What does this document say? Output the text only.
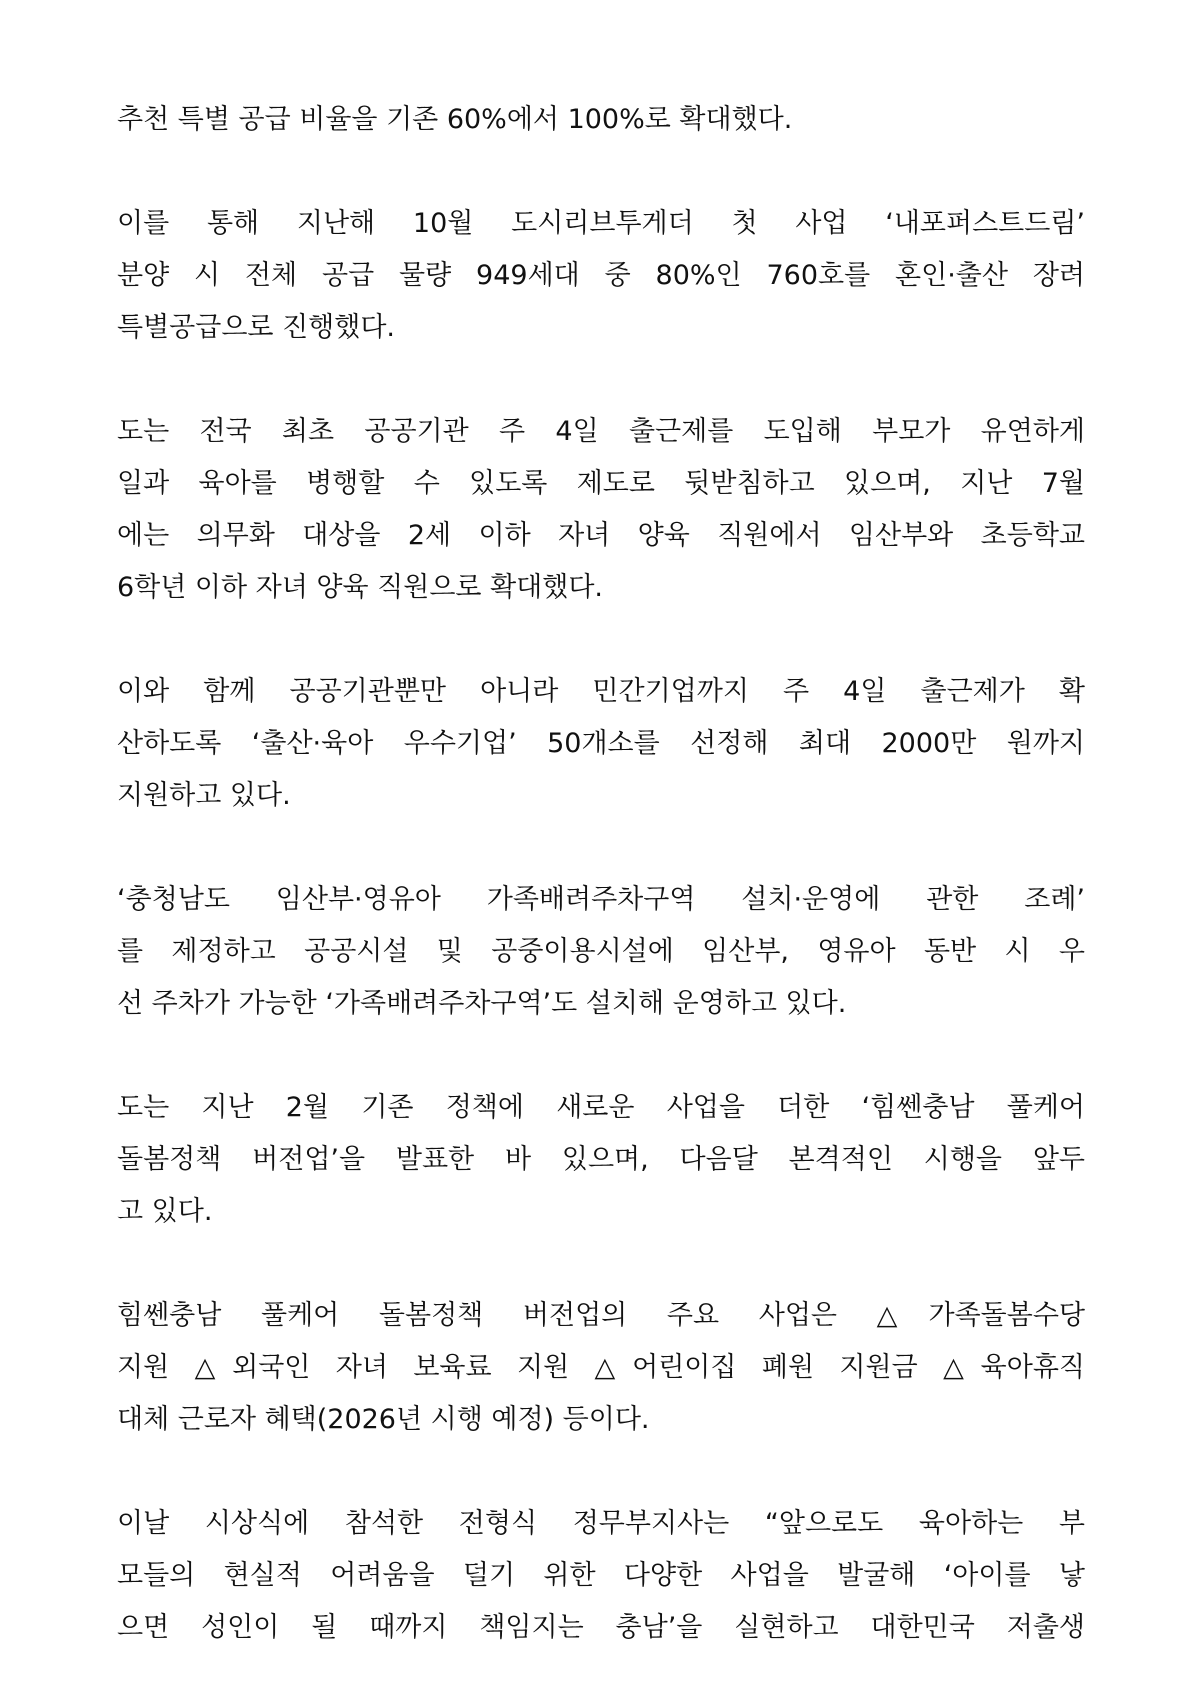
추천 특별 공급 비율을 기존 60%에서 100%로 확대했다.
이를 통해 지난해 10월 도시리브투게더 첫 사업 ‘내포퍼스트드림’
분양 시 전체 공급 물량 949세대 중 80%인 760호를 혼인·출산 장려
특별공급으로 진행했다.
도는 전국 최초 공공기관 주 4일 출근제를 도입해 부모가 유연하게
일과 육아를 병행할 수 있도록 제도로 뒷받침하고 있으며, 지난 7월
에는 의무화 대상을 2세 이하 자녀 양육 직원에서 임산부와 초등학교
6학년 이하 자녀 양육 직원으로 확대했다.
이와 함께 공공기관뿐만 아니라 민간기업까지 주 4일 출근제가 확
산하도록 ‘출산·육아 우수기업’ 50개소를 선정해 최대 2000만 원까지
지원하고 있다.
‘충청남도 임산부·영유아 가족배려주차구역 설치·운영에 관한 조례’
를 제정하고 공공시설 및 공중이용시설에 임산부, 영유아 동반 시 우
선 주차가 가능한 ‘가족배려주차구역’도 설치해 운영하고 있다.
도는 지난 2월 기존 정책에 새로운 사업을 더한 ‘힘쎈충남 풀케어
돌봄정책 버전업’을 발표한 바 있으며, 다음달 본격적인 시행을 앞두
고 있다.
힘쎈충남 풀케어 돌봄정책 버전업의 주요 사업은 △가족돌봄수당
지원 △외국인 자녀 보육료 지원 △어린이집 폐원 지원금 △육아휴직
대체 근로자 혜택(2026년 시행 예정) 등이다.
이날 시상식에 참석한 전형식 정무부지사는 “앞으로도 육아하는 부
모들의 현실적 어려움을 덜기 위한 다양한 사업을 발굴해 ‘아이를 낳
으면 성인이 될 때까지 책임지는 충남’을 실현하고 대한민국 저출생
